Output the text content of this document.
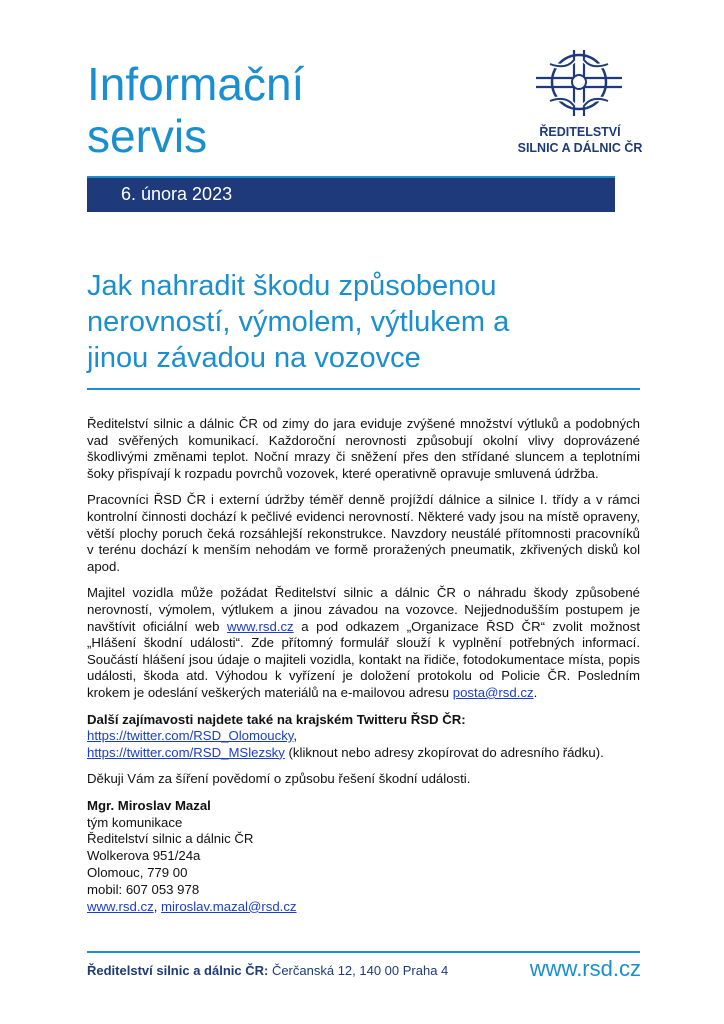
Informační
servis	ŘEDITELSTVÍ
SILNIC A DÁLNIC ČR
6. února 2023
Jak nahradit škodu způsobenou
nerovností, výmolem, výtlukem a
jinou závadou na vozovce

Ředitelství silnic a dálnic ČR od zimy do jara eviduje zvýšené množství výtluků a podobných vad svěřených komunikací. Každoroční nerovnosti způsobují okolní vlivy doprovázené škodlivými změnami teplot. Noční mrazy či sněžení přes den střídané sluncem a teplotními šoky přispívají k rozpadu povrchů vozovek, které operativně opravuje smluvená údržba.

Pracovníci ŘSD ČR i externí údržby téměř denně projíždí dálnice a silnice I. třídy a v rámci kontrolní činnosti dochází k pečlivé evidenci nerovností. Některé vady jsou na místě opraveny, větší plochy poruch čeká rozsáhlejší rekonstrukce. Navzdory neustálé přítomnosti pracovníků v terénu dochází k menším nehodám ve formě proražených pneumatik, zkřivených disků kol apod.

Majitel vozidla může požádat Ředitelství silnic a dálnic ČR o náhradu škody způsobené nerovností, výmolem, výtlukem a jinou závadou na vozovce. Nejjednodušším postupem je navštívit oficiální web www.rsd.cz a pod odkazem „Organizace ŘSD ČR“ zvolit možnost „Hlášení škodní události“. Zde přítomný formulář slouží k vyplnění potřebných informací. Součástí hlášení jsou údaje o majiteli vozidla, kontakt na řidiče, fotodokumentace místa, popis události, škoda atd. Výhodou k vyřízení je doložení protokolu od Policie ČR. Posledním krokem je odeslání veškerých materiálů na e-mailovou adresu posta@rsd.cz.

Další zajímavosti najdete také na krajském Twitteru ŘSD ČR:
https://twitter.com/RSD_Olomoucky,
https://twitter.com/RSD_MSlezsky (kliknout nebo adresy zkopírovat do adresního řádku).

Děkuji Vám za šíření povědomí o způsobu řešení škodní události.

Mgr. Miroslav Mazal
tým komunikace
Ředitelství silnic a dálnic ČR
Wolkerova 951/24a
Olomouc, 779 00
mobil: 607 053 978
www.rsd.cz, miroslav.mazal@rsd.cz
Ředitelství silnic a dálnic ČR: Čerčanská 12, 140 00 Praha 4	www.rsd.cz
